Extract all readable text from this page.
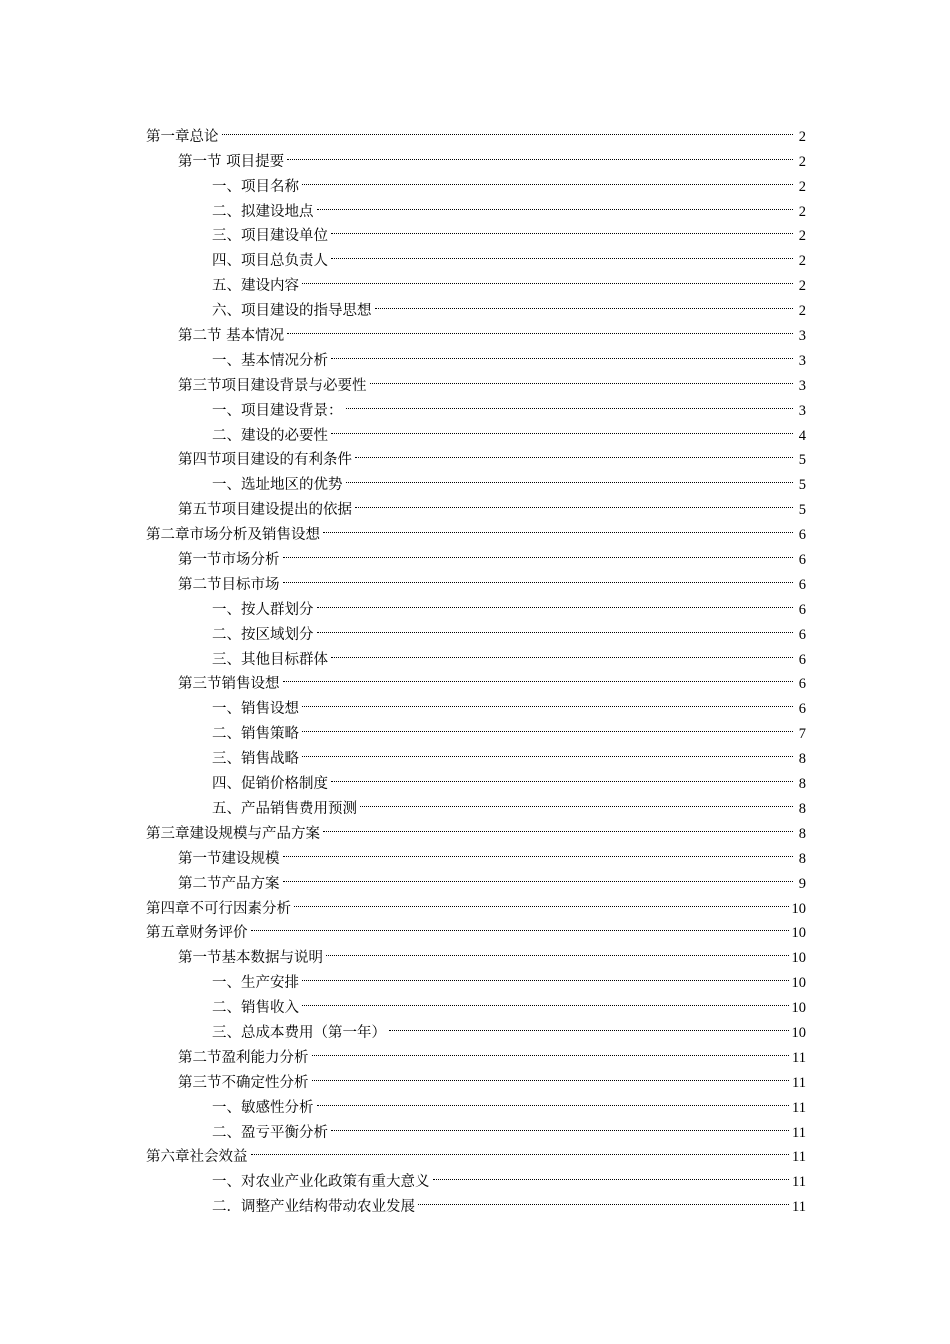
第一章总论	2
第一节 项目提要	2
一、项目名称	2
二、拟建设地点	2
三、项目建设单位	2
四、项目总负责人	2
五、建设内容	2
六、项目建设的指导思想	2
第二节 基本情况	3
一、基本情况分析	3
第三节项目建设背景与必要性	3
一、项目建设背景：	3
二、建设的必要性	4
第四节项目建设的有利条件	5
一、选址地区的优势	5
第五节项目建设提出的依据	5
第二章市场分析及销售设想	6
第一节市场分析	6
第二节目标市场	6
一、按人群划分	6
二、按区域划分	6
三、其他目标群体	6
第三节销售设想	6
一、销售设想	6
二、销售策略	7
三、销售战略	8
四、促销价格制度	8
五、产品销售费用预测	8
第三章建设规模与产品方案	8
第一节建设规模	8
第二节产品方案	9
第四章不可行因素分析	10
第五章财务评价	10
第一节基本数据与说明	10
一、生产安排	10
二、销售收入	10
三、总成本费用（第一年）	10
第二节盈利能力分析	11
第三节不确定性分析	11
一、敏感性分析	11
二、盈亏平衡分析	11
第六章社会效益	11
一、对农业产业化政策有重大意义	11
二．调整产业结构带动农业发展	11
